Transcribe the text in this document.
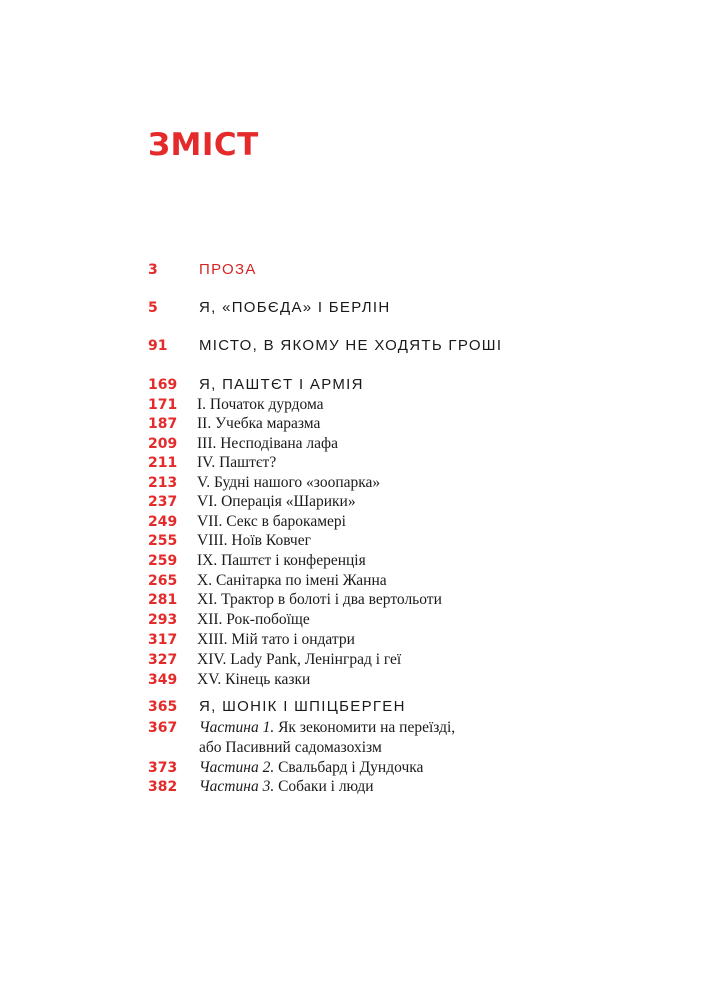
ЗМІСТ
3	ПРОЗА
5	Я, «ПОБЄДА» І БЕРЛІН
91 МІСТО, В ЯКОМУ НЕ ХОДЯТЬ ГРОШІ
169 Я, ПАШТЄТ І АРМІЯ
171 I. Початок дурдома
187 II. Учебка маразма
209 III. Несподівана лафа
211 IV. Паштєт?
213 V. Будні нашого «зоопарка»
237 VI. Операція «Шарики»
249 VII. Секс в барокамері
255 VIII. Ноїв Ковчег
259 IX. Паштєт і конференція
265 X. Санітарка по імені Жанна
281 XI. Трактор в болоті і два вертольоти
293 XII. Рок-побоїще
317 XIII. Мій тато і ондатри
327 XIV. Lady Pank, Ленінград і геї
349 XV. Кінець казки
365 Я, ШОНІК І ШПІЦБЕРГЕН
367 Частина 1. Як зекономити на переїзді,
або Пасивний садомазохізм
373 Частина 2. Свальбард і Дундочка
382 Частина 3. Собаки і люди
